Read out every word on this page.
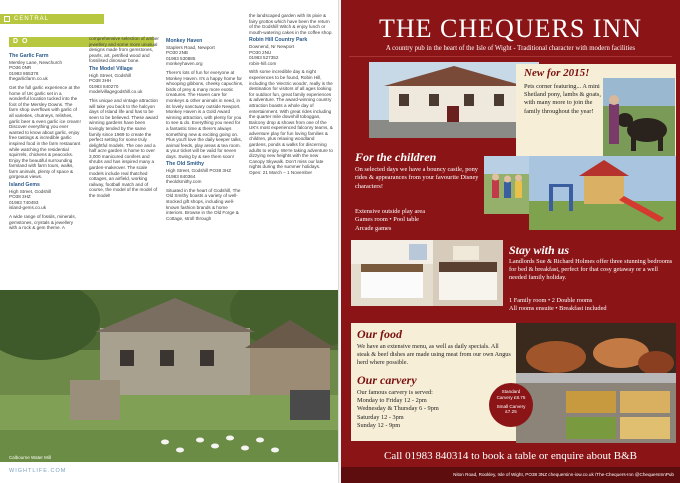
CENTRAL
D O
The Garlic Farm

Mersley Lane, Newchurch
PO36 0NR
01983 865378
thegarlicfarm.co.uk

Get the full garlic experience at the home of UK garlic set in a wonderful location tucked into the foot of the Mersley Downs. The farm shop overflows with garlic of all varieties, chutneys, relishes, garlic beer & even garlic ice cream! Discover everything you ever wanted to know about garlic, enjoy free tastings & incredible garlic inspired food in the farm restaurant while watching the residential squirrels, chickens & peacocks. Enjoy the beautiful surrounding farmland with farm tours, walks, farm animals, plenty of space & gorgeous views.

Island Gems

High Street, Godshill
PO38 3HZ
01983 740493
island-gems.co.uk

A wide range of fossils, minerals, gemstones, crystals & jewellery with a rock & gem theme. A

comprehensive selection of amber jewellery and some more unusual designs made from gemstones, pearls, art, petrified wood and fossilised dinosaur bone.

The Model Village

High Street, Godshill
PO38 3HH
01983 840270
modelvillagegodshill.co.uk

This unique and vintage attraction will take you back to the halcyon days of Island life and has to be seen to be believed. These award winning gardens have been lovingly tended by the same family since 1969 to create the perfect setting for some truly delightful models. The one and a half acre garden is home to over 3,000 manicured conifers and shrubs and has inspired many a garden-makeover. The scale models include real thatched cottages, an airfield, working railway, football match and of course, the model of the model of the model!

Monkey Haven

Staplers Road, Newport
PO30 2NB
01983 530885
monkeyhaven.org

There's lots of fun for everyone at Monkey Haven. It's a happy home for whooping gibbons, cheeky capuchins, birds of prey & many more exotic creatures. The Haven care for monkeys & other animals in need, in its lovely sanctuary outside Newport. Monkey Haven is a Gold Award winning attraction, with plenty for you to see & do. Everything you need for a fantastic time & there's always something new & exciting going on. Plus you'll love the daily keeper talks, animal feeds, play areas & tea room. & your ticket will be valid for seven days. Swing by & see them soon!

The Old Smithy

High Street, Godshill PO38 3HZ
01983 840364
theoldsmithy.com

Situated in the heart of Godshill, The Old Smithy boasts a variety of well-stocked gift shops, including well-known fashion brands & home interiors. Browse in the Old Forge & Cottage, stroll through

the landscaped garden with its pixie & fairy grottos which have been the return of the Godshill Witch & enjoy lunch or mouth-watering cakes in the coffee shop.

Robin Hill Country Park

Downend, Nr Newport
PO30 2NU
01983 527352
robin-hill.com

With some incredible day & night experiences to be found, Robin Hill, including the 'electric woods', really is the destination for visitors of all ages looking for outdoor fun, great family experiences & adventure. The award-winning country attraction boasts a whole day of entertainment. With great rides including the quarter mile downhill toboggan, Balcony drop & shows from one of the UK's most experienced falconry teams, & adventure play for fun loving families & children, plus relaxing woodland gardens, ponds & walks for discerning adults to enjoy. We're taking adventure to dizzying new heights with the new Canopy Skywalk. Don't miss our late nights during the summer holidays. Open: 21 March – 1 November

Calbourne Water Mill
WIGHTLIFE.COM
THE CHEQUERS INN
A country pub in the heart of the Isle of Wight - Traditional character with modern facilities
New for 2015!
Pets corner featuring... A mini Shetland pony, lambs & goats, with many more to join the family throughout the year!
For the children
On selected days we have a bouncy castle, pony rides & appearances from your favourite Disney characters!
Extensive outside play area
Games room • Pool table
Arcade games
Stay with us
Landlords Sue & Richard Holmes offer three stunning bedrooms for bed & breakfast, perfect for that cosy getaway or a well needed family holiday.
1 Family room • 2 Double rooms
All rooms ensuite • Breakfast included
Our food
We have an extensive menu, as well as daily specials. All steak & beef dishes are made using meat from our own Angus herd where possible.
Our carvery
Our famous carvery is served:
Monday to Friday 12 - 2pm
Wednesday & Thursday 6 - 9pm
Saturday 12 - 3pm
Sunday 12 - 9pm
Standard
Carvery £8.75
Small Carvery
£7.25
Call 01983 840314 to book a table or enquire about B&B
Niton Road, Rookley, Isle of Wight, PO38 3NZ chequersinn-iow.co.uk /The-Chequers-Inn @ChequersInnPub
